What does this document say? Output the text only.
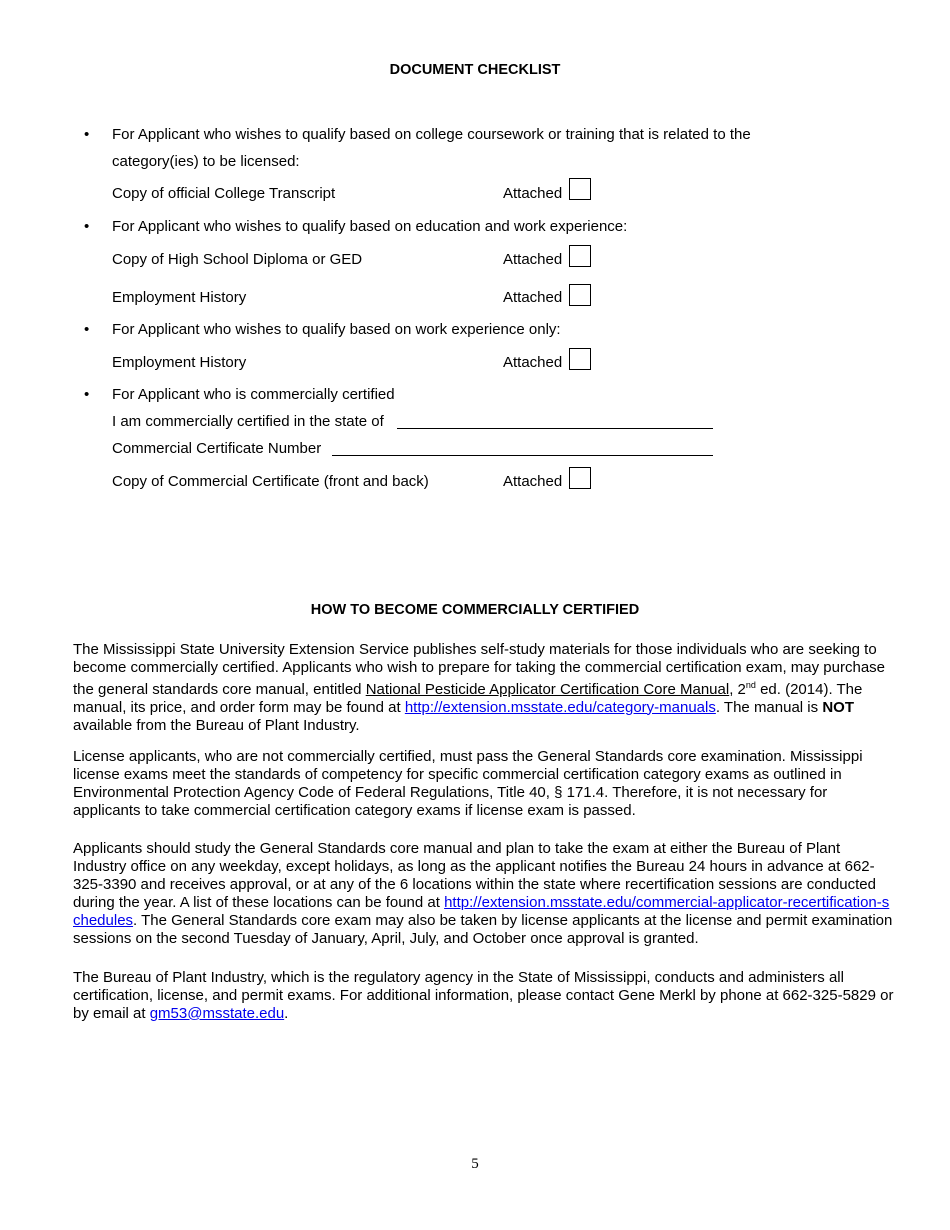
DOCUMENT CHECKLIST
• For Applicant who wishes to qualify based on college coursework or training that is related to the
category(ies) to be licensed:
Copy of official College Transcript	Attached
• For Applicant who wishes to qualify based on education and work experience:
Copy of High School Diploma or GED	Attached
Employment History	Attached
• For Applicant who wishes to qualify based on work experience only:
Employment History	Attached
• For Applicant who is commercially certified
I am commercially certified in the state of
Commercial Certificate Number
Copy of Commercial Certificate (front and back)	Attached
HOW TO BECOME COMMERCIALLY CERTIFIED
The Mississippi State University Extension Service publishes self-study materials for those individuals who are seeking to become commercially certified. Applicants who wish to prepare for taking the commercial certification exam, may purchase the general standards core manual, entitled National Pesticide Applicator Certification Core Manual, 2nd ed. (2014). The manual, its price, and order form may be found at http://extension.msstate.edu/category-manuals. The manual is NOT available from the Bureau of Plant Industry.
License applicants, who are not commercially certified, must pass the General Standards core examination. Mississippi license exams meet the standards of competency for specific commercial certification category exams as outlined in Environmental Protection Agency Code of Federal Regulations, Title 40, § 171.4. Therefore, it is not necessary for applicants to take commercial certification category exams if license exam is passed.
Applicants should study the General Standards core manual and plan to take the exam at either the Bureau of Plant Industry office on any weekday, except holidays, as long as the applicant notifies the Bureau 24 hours in advance at 662-325-3390 and receives approval, or at any of the 6 locations within the state where recertification sessions are conducted during the year. A list of these locations can be found at http://extension.msstate.edu/commercial-applicator-recertification-schedules. The General Standards core exam may also be taken by license applicants at the license and permit examination sessions on the second Tuesday of January, April, July, and October once approval is granted.
The Bureau of Plant Industry, which is the regulatory agency in the State of Mississippi, conducts and administers all certification, license, and permit exams. For additional information, please contact Gene Merkl by phone at 662-325-5829 or by email at gm53@msstate.edu.
5
